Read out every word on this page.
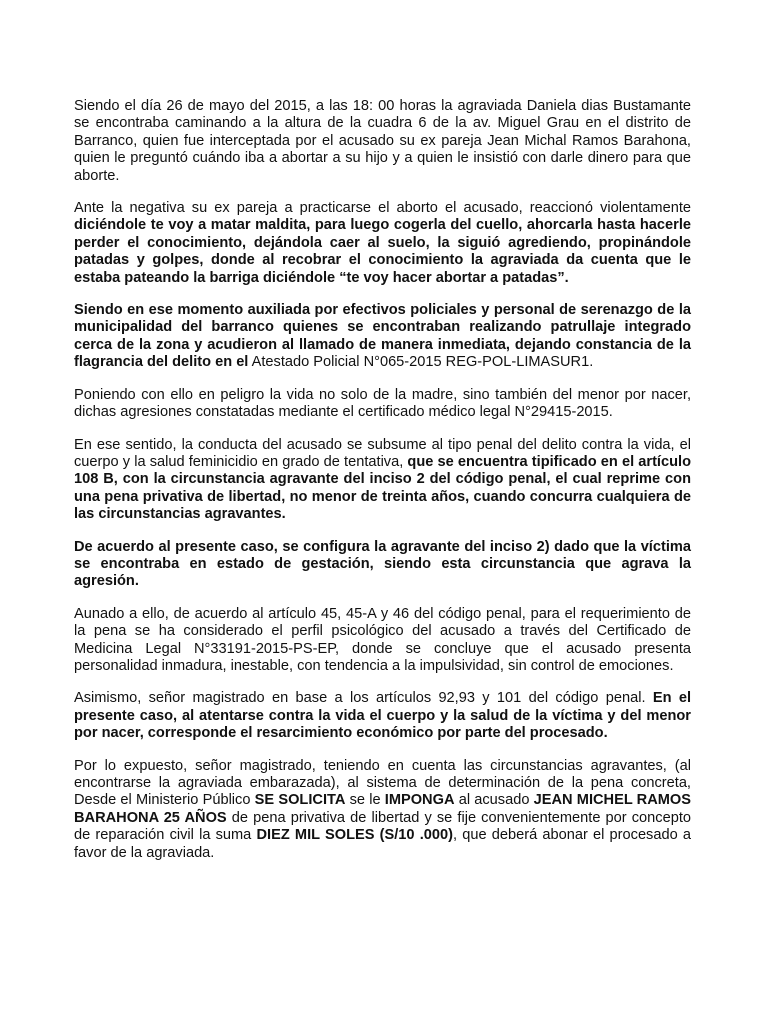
Siendo el día 26 de mayo del 2015, a las 18: 00 horas la agraviada Daniela dias Bustamante se encontraba caminando a la altura de la cuadra 6 de la av. Miguel Grau en el distrito de Barranco, quien fue interceptada por el acusado su ex pareja Jean Michal Ramos Barahona, quien le preguntó cuándo iba a abortar a su hijo y a quien le insistió con darle dinero para que aborte.

Ante la negativa su ex pareja a practicarse el aborto el acusado, reaccionó violentamente diciéndole te voy a matar maldita, para luego cogerla del cuello, ahorcarla hasta hacerle perder el conocimiento, dejándola caer al suelo, la siguió agrediendo, propinándole patadas y golpes, donde al recobrar el conocimiento la agraviada da cuenta que le estaba pateando la barriga diciéndole “te voy hacer abortar a patadas”.

Siendo en ese momento auxiliada por efectivos policiales y personal de serenazgo de la municipalidad del barranco quienes se encontraban realizando patrullaje integrado cerca de la zona y acudieron al llamado de manera inmediata, dejando constancia de la flagrancia del delito en el Atestado Policial N°065-2015 REG-POL-LIMASUR1.

Poniendo con ello en peligro la vida no solo de la madre, sino también del menor por nacer, dichas agresiones constatadas mediante el certificado médico legal N°29415-2015.

En ese sentido, la conducta del acusado se subsume al tipo penal del delito contra la vida, el cuerpo y la salud feminicidio en grado de tentativa, que se encuentra tipificado en el artículo 108 B, con la circunstancia agravante del inciso 2 del código penal, el cual reprime con una pena privativa de libertad, no menor de treinta años, cuando concurra cualquiera de las circunstancias agravantes.

De acuerdo al presente caso, se configura la agravante del inciso 2) dado que la víctima se encontraba en estado de gestación, siendo esta circunstancia que agrava la agresión.

Aunado a ello, de acuerdo al artículo 45, 45-A y 46 del código penal, para el requerimiento de la pena se ha considerado el perfil psicológico del acusado a través del Certificado de Medicina Legal N°33191-2015-PS-EP, donde se concluye que el acusado presenta personalidad inmadura, inestable, con tendencia a la impulsividad, sin control de emociones.

Asimismo, señor magistrado en base a los artículos 92,93 y 101 del código penal. En el presente caso, al atentarse contra la vida el cuerpo y la salud de la víctima y del menor por nacer, corresponde el resarcimiento económico por parte del procesado.

Por lo expuesto, señor magistrado, teniendo en cuenta las circunstancias agravantes, (al encontrarse la agraviada embarazada), al sistema de determinación de la pena concreta, Desde el Ministerio Público SE SOLICITA se le IMPONGA al acusado JEAN MICHEL RAMOS BARAHONA 25 AÑOS de pena privativa de libertad y se fije convenientemente por concepto de reparación civil la suma DIEZ MIL SOLES (S/10 .000), que deberá abonar el procesado a favor de la agraviada.
